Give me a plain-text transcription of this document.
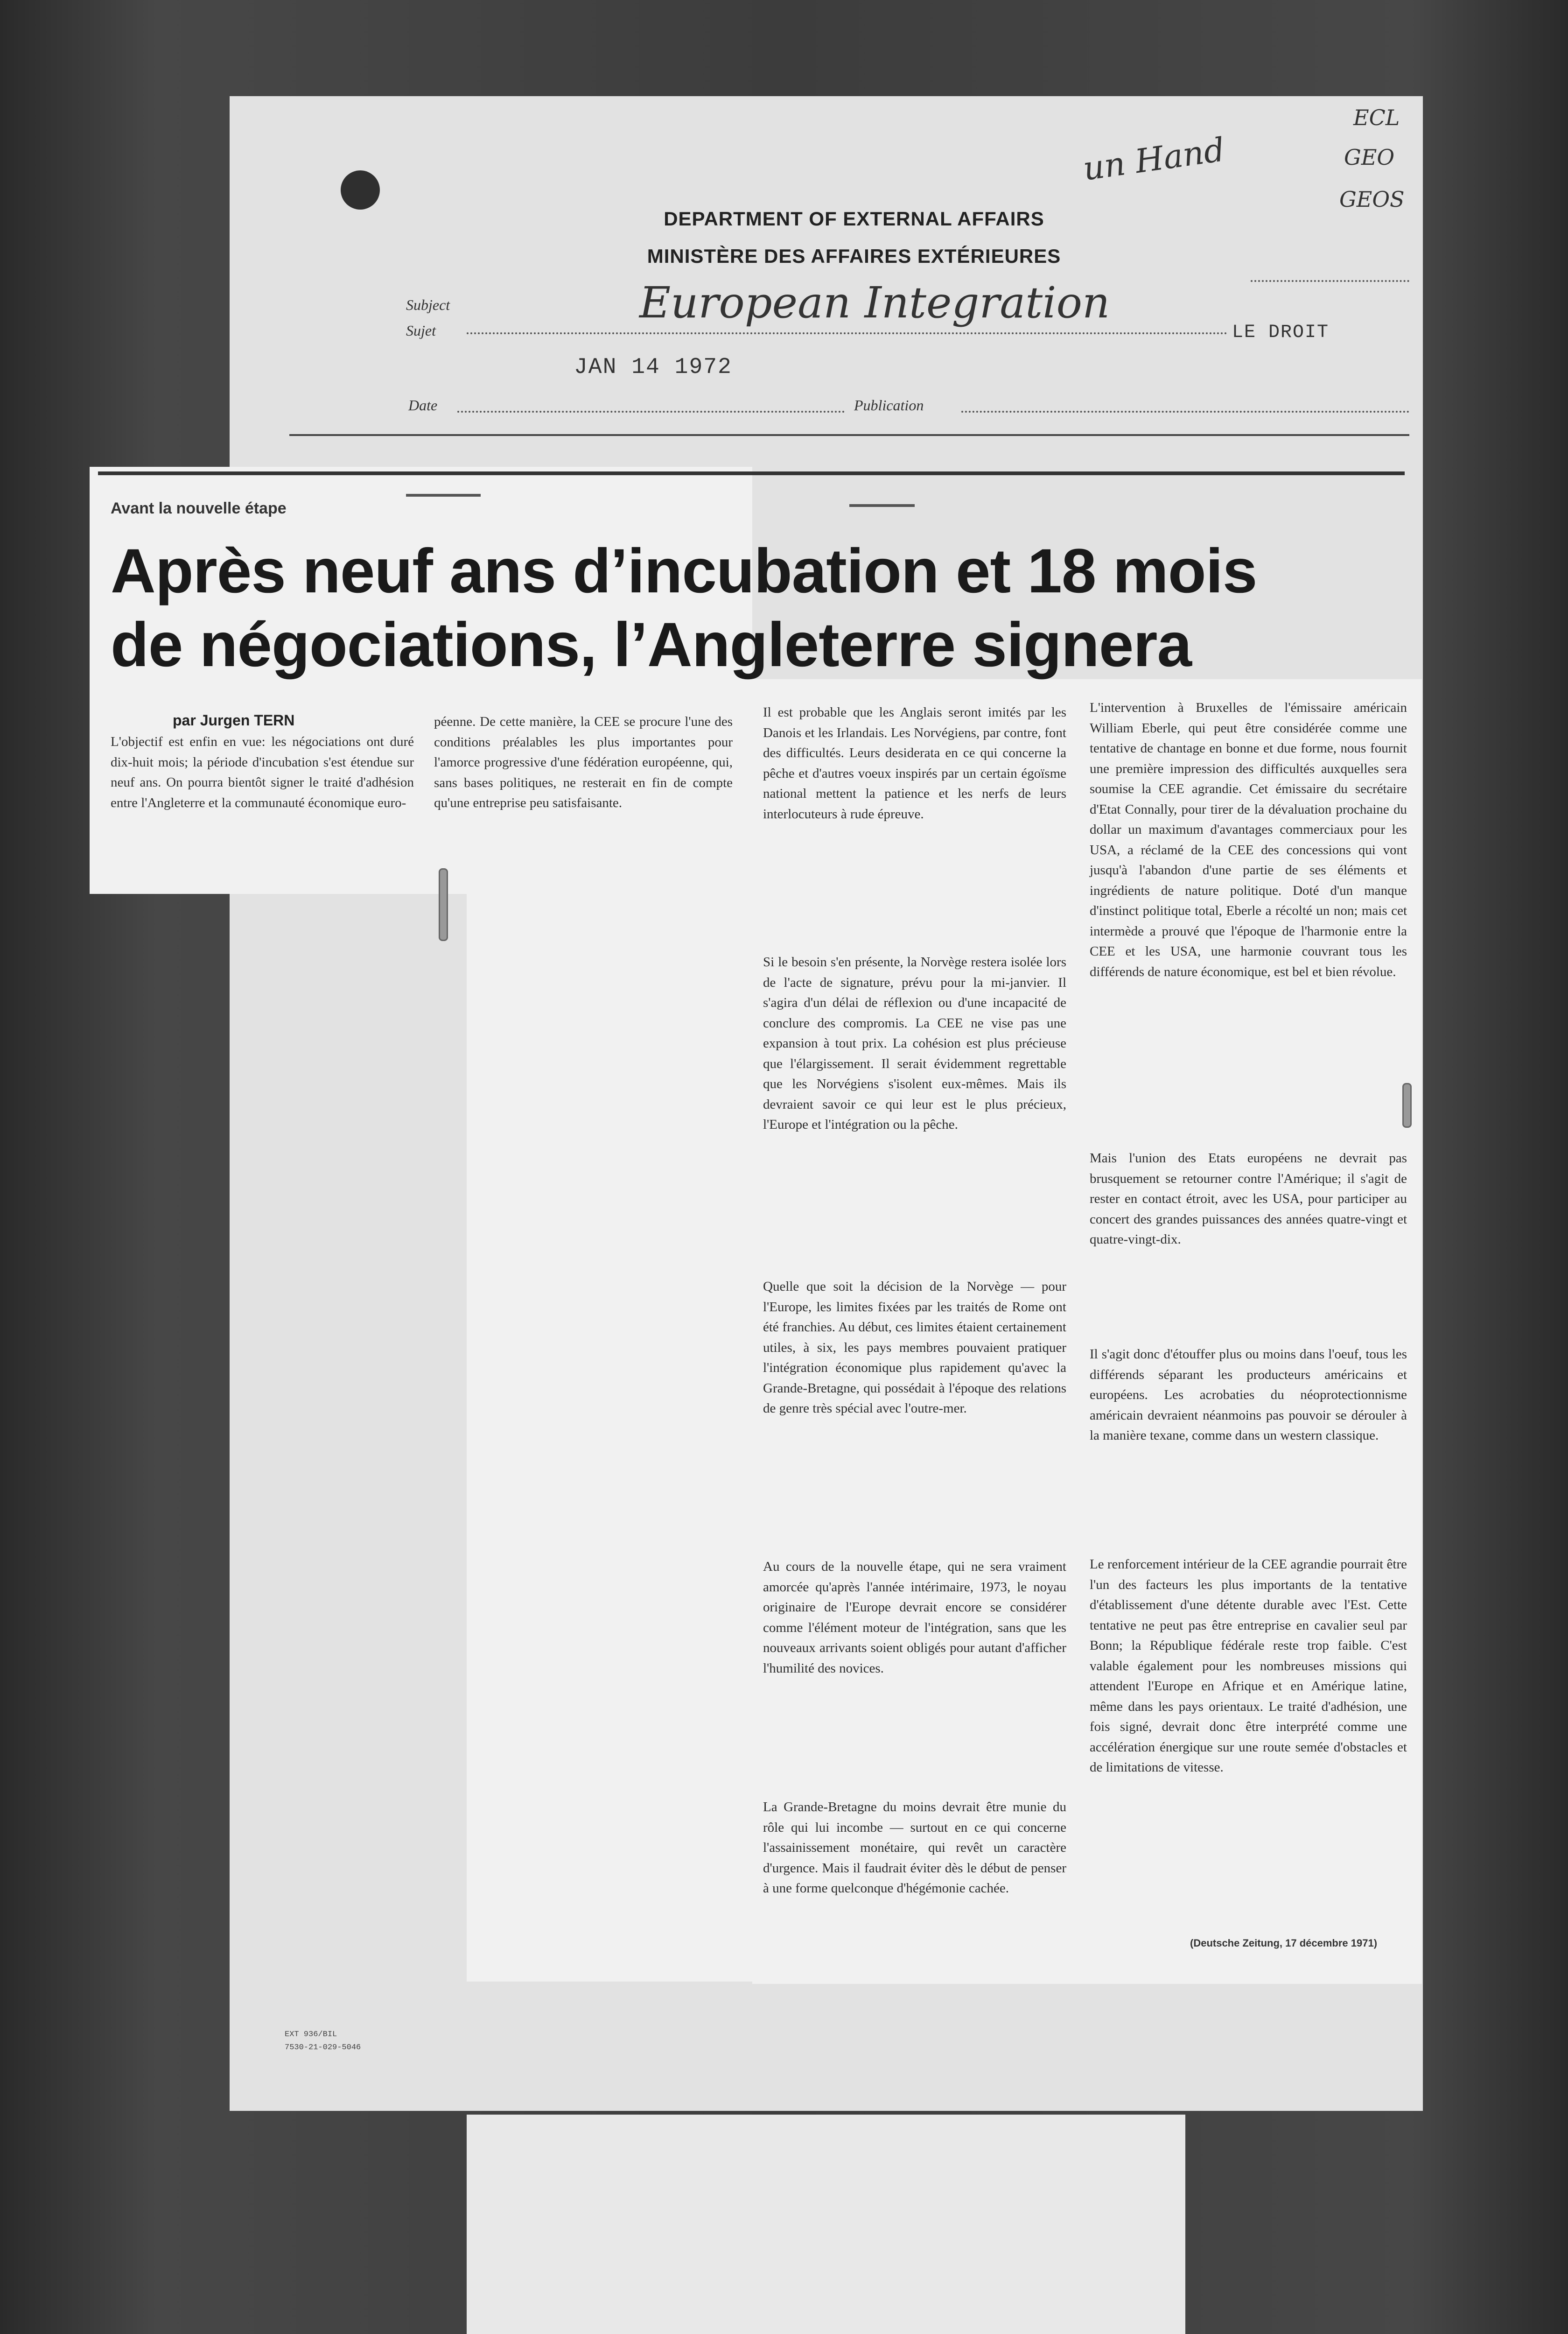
DEPARTMENT OF EXTERNAL AFFAIRS
MINISTÈRE DES AFFAIRES EXTÉRIEURES
un Hand
ECL
GEO
GEOS
Subject
Sujet
European Integration
LE DROIT
JAN 14 1972
Date	Publication
Avant la nouvelle étape
Après neuf ans d’incubation et 18 mois
de négociations, l’Angleterre signera
par Jurgen TERN

L'objectif est enfin en vue: les négociations ont duré dix-huit mois; la période d'incubation s'est étendue sur neuf ans. On pourra bientôt signer le traité d'adhésion entre l'Angleterre et la communauté économique euro-

péenne. De cette manière, la CEE se procure l'une des conditions préalables les plus importantes pour l'amorce progressive d'une fédération européenne, qui, sans bases politiques, ne resterait en fin de compte qu'une entreprise peu satisfaisante.

Il est probable que les Anglais seront imités par les Danois et les Irlandais. Les Norvégiens, par contre, font des difficultés. Leurs desiderata en ce qui concerne la pêche et d'autres voeux inspirés par un certain égoïsme national mettent la patience et les nerfs de leurs interlocuteurs à rude épreuve.

Si le besoin s'en présente, la Norvège restera isolée lors de l'acte de signature, prévu pour la mi-janvier. Il s'agira d'un délai de réflexion ou d'une incapacité de conclure des compromis. La CEE ne vise pas une expansion à tout prix. La cohésion est plus précieuse que l'élargissement. Il serait évidemment regrettable que les Norvégiens s'isolent eux-mêmes. Mais ils devraient savoir ce qui leur est le plus précieux, l'Europe et l'intégration ou la pêche.

Quelle que soit la décision de la Norvège — pour l'Europe, les limites fixées par les traités de Rome ont été franchies. Au début, ces limites étaient certainement utiles, à six, les pays membres pouvaient pratiquer l'intégration économique plus rapidement qu'avec la Grande-Bretagne, qui possédait à l'époque des relations de genre très spécial avec l'outre-mer.

Au cours de la nouvelle étape, qui ne sera vraiment amorcée qu'après l'année intérimaire, 1973, le noyau originaire de l'Europe devrait encore se considérer comme l'élément moteur de l'intégration, sans que les nouveaux arrivants soient obligés pour autant d'afficher l'humilité des novices.

La Grande-Bretagne du moins devrait être munie du rôle qui lui incombe — surtout en ce qui concerne l'assainissement monétaire, qui revêt un caractère d'urgence. Mais il faudrait éviter dès le début de penser à une forme quelconque d'hégémonie cachée.

L'intervention à Bruxelles de l'émissaire américain William Eberle, qui peut être considérée comme une tentative de chantage en bonne et due forme, nous fournit une première impression des difficultés auxquelles sera soumise la CEE agrandie. Cet émissaire du secrétaire d'Etat Connally, pour tirer de la dévaluation prochaine du dollar un maximum d'avantages commerciaux pour les USA, a réclamé de la CEE des concessions qui vont jusqu'à l'abandon d'une partie de ses éléments et ingrédients de nature politique. Doté d'un manque d'instinct politique total, Eberle a récolté un non; mais cet intermède a prouvé que l'époque de l'harmonie entre la CEE et les USA, une harmonie couvrant tous les différends de nature économique, est bel et bien révolue.

Mais l'union des Etats européens ne devrait pas brusquement se retourner contre l'Amérique; il s'agit de rester en contact étroit, avec les USA, pour participer au concert des grandes puissances des années quatre-vingt et quatre-vingt-dix.

Il s'agit donc d'étouffer plus ou moins dans l'oeuf, tous les différends séparant les producteurs américains et européens. Les acrobaties du néoprotectionnisme américain devraient néanmoins pas pouvoir se dérouler à la manière texane, comme dans un western classique.

Le renforcement intérieur de la CEE agrandie pourrait être l'un des facteurs les plus importants de la tentative d'établissement d'une détente durable avec l'Est. Cette tentative ne peut pas être entreprise en cavalier seul par Bonn; la République fédérale reste trop faible. C'est valable également pour les nombreuses missions qui attendent l'Europe en Afrique et en Amérique latine, même dans les pays orientaux. Le traité d'adhésion, une fois signé, devrait donc être interprété comme une accélération énergique sur une route semée d'obstacles et de limitations de vitesse.

(Deutsche Zeitung, 17 décembre 1971)
EXT 936/BIL
7530-21-029-5046
